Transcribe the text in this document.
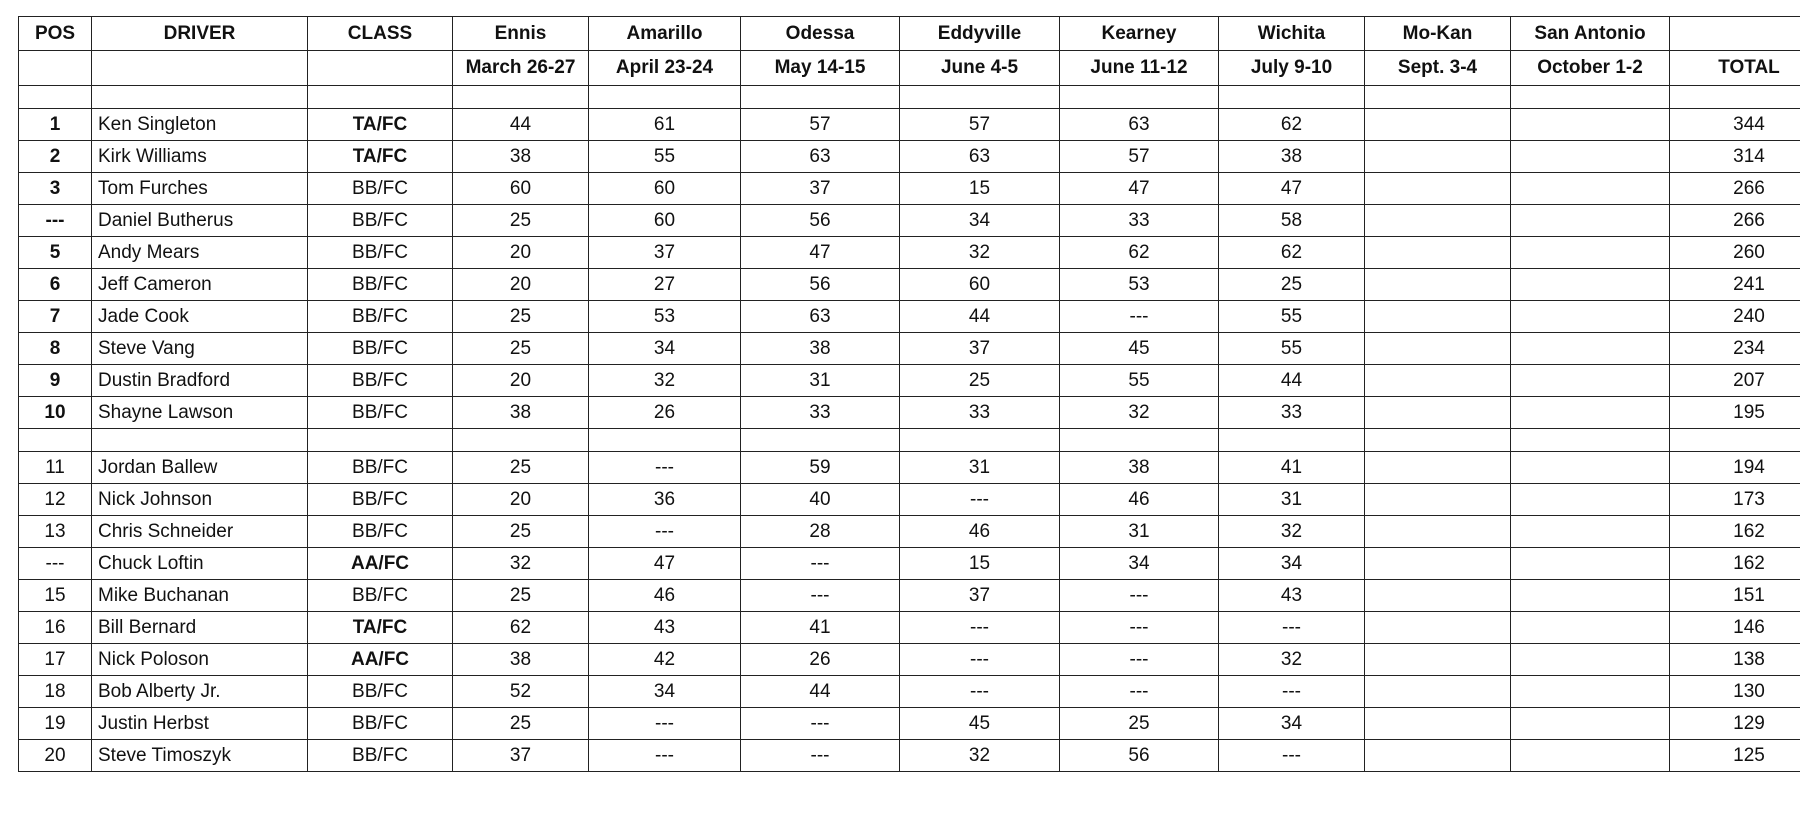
POS	DRIVER	CLASS	Ennis	Amarillo	Odessa	Eddyville	Kearney	Wichita	Mo-Kan	San Antonio	
			March 26-27	April 23-24	May 14-15	June 4-5	June 11-12	July 9-10	Sept. 3-4	October 1-2	TOTAL

1	Ken Singleton	TA/FC	44	61	57	57	63	62			344
2	Kirk Williams	TA/FC	38	55	63	63	57	38			314
3	Tom Furches	BB/FC	60	60	37	15	47	47			266
---	Daniel Butherus	BB/FC	25	60	56	34	33	58			266
5	Andy Mears	BB/FC	20	37	47	32	62	62			260
6	Jeff Cameron	BB/FC	20	27	56	60	53	25			241
7	Jade Cook	BB/FC	25	53	63	44	---	55			240
8	Steve Vang	BB/FC	25	34	38	37	45	55			234
9	Dustin Bradford	BB/FC	20	32	31	25	55	44			207
10	Shayne Lawson	BB/FC	38	26	33	33	32	33			195

11	Jordan Ballew	BB/FC	25	---	59	31	38	41			194
12	Nick Johnson	BB/FC	20	36	40	---	46	31			173
13	Chris Schneider	BB/FC	25	---	28	46	31	32			162
---	Chuck Loftin	AA/FC	32	47	---	15	34	34			162
15	Mike Buchanan	BB/FC	25	46	---	37	---	43			151
16	Bill Bernard	TA/FC	62	43	41	---	---	---			146
17	Nick Poloson	AA/FC	38	42	26	---	---	32			138
18	Bob Alberty Jr.	BB/FC	52	34	44	---	---	---			130
19	Justin Herbst	BB/FC	25	---	---	45	25	34			129
20	Steve Timoszyk	BB/FC	37	---	---	32	56	---			125
